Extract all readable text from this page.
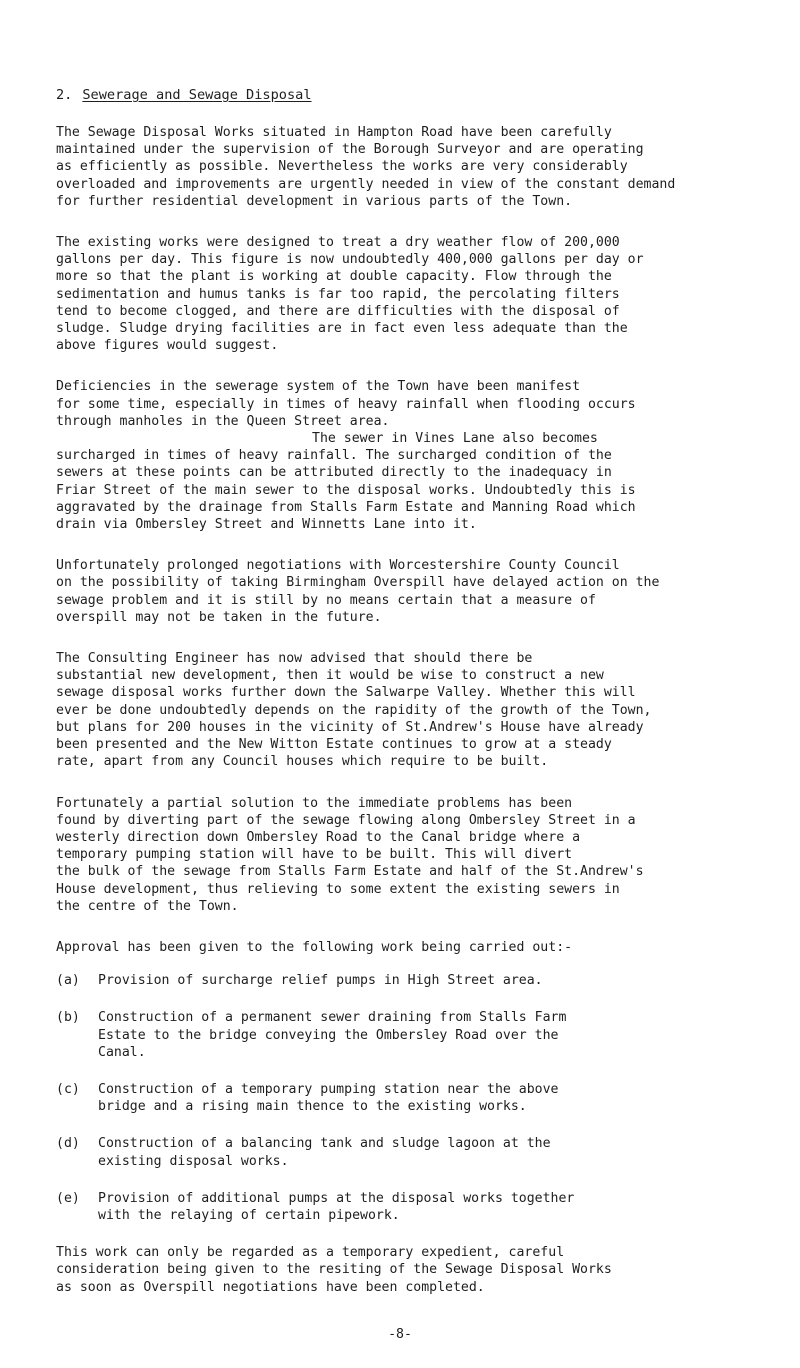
2. Sewerage and Sewage Disposal
The Sewage Disposal Works situated in Hampton Road have been carefully
maintained under the supervision of the Borough Surveyor and are operating
as efficiently as possible. Nevertheless the works are very considerably
overloaded and improvements are urgently needed in view of the constant demand
for further residential development in various parts of the Town.
The existing works were designed to treat a dry weather flow of 200,000
gallons per day. This figure is now undoubtedly 400,000 gallons per day or
more so that the plant is working at double capacity. Flow through the
sedimentation and humus tanks is far too rapid, the percolating filters
tend to become clogged, and there are difficulties with the disposal of
sludge. Sludge drying facilities are in fact even less adequate than the
above figures would suggest.
Deficiencies in the sewerage system of the Town have been manifest
for some time, especially in times of heavy rainfall when flooding occurs
through manholes in the Queen Street area.
The sewer in Vines Lane also becomes
surcharged in times of heavy rainfall. The surcharged condition of the
sewers at these points can be attributed directly to the inadequacy in
Friar Street of the main sewer to the disposal works. Undoubtedly this is
aggravated by the drainage from Stalls Farm Estate and Manning Road which
drain via Ombersley Street and Winnetts Lane into it.
Unfortunately prolonged negotiations with Worcestershire County Council
on the possibility of taking Birmingham Overspill have delayed action on the
sewage problem and it is still by no means certain that a measure of
overspill may not be taken in the future.
The Consulting Engineer has now advised that should there be
substantial new development, then it would be wise to construct a new
sewage disposal works further down the Salwarpe Valley. Whether this will
ever be done undoubtedly depends on the rapidity of the growth of the Town,
but plans for 200 houses in the vicinity of St.Andrew's House have already
been presented and the New Witton Estate continues to grow at a steady
rate, apart from any Council houses which require to be built.
Fortunately a partial solution to the immediate problems has been
found by diverting part of the sewage flowing along Ombersley Street in a
westerly direction down Ombersley Road to the Canal bridge where a
temporary pumping station will have to be built. This will divert
the bulk of the sewage from Stalls Farm Estate and half of the St.Andrew's
House development, thus relieving to some extent the existing sewers in
the centre of the Town.
Approval has been given to the following work being carried out:-
(a)	Provision of surcharge relief pumps in High Street area.
(b)	Construction of a permanent sewer draining from Stalls Farm
Estate to the bridge conveying the Ombersley Road over the
Canal.
(c)	Construction of a temporary pumping station near the above
bridge and a rising main thence to the existing works.
(d)	Construction of a balancing tank and sludge lagoon at the
existing disposal works.
(e)	Provision of additional pumps at the disposal works together
with the relaying of certain pipework.
This work can only be regarded as a temporary expedient, careful
consideration being given to the resiting of the Sewage Disposal Works
as soon as Overspill negotiations have been completed.
-8-
